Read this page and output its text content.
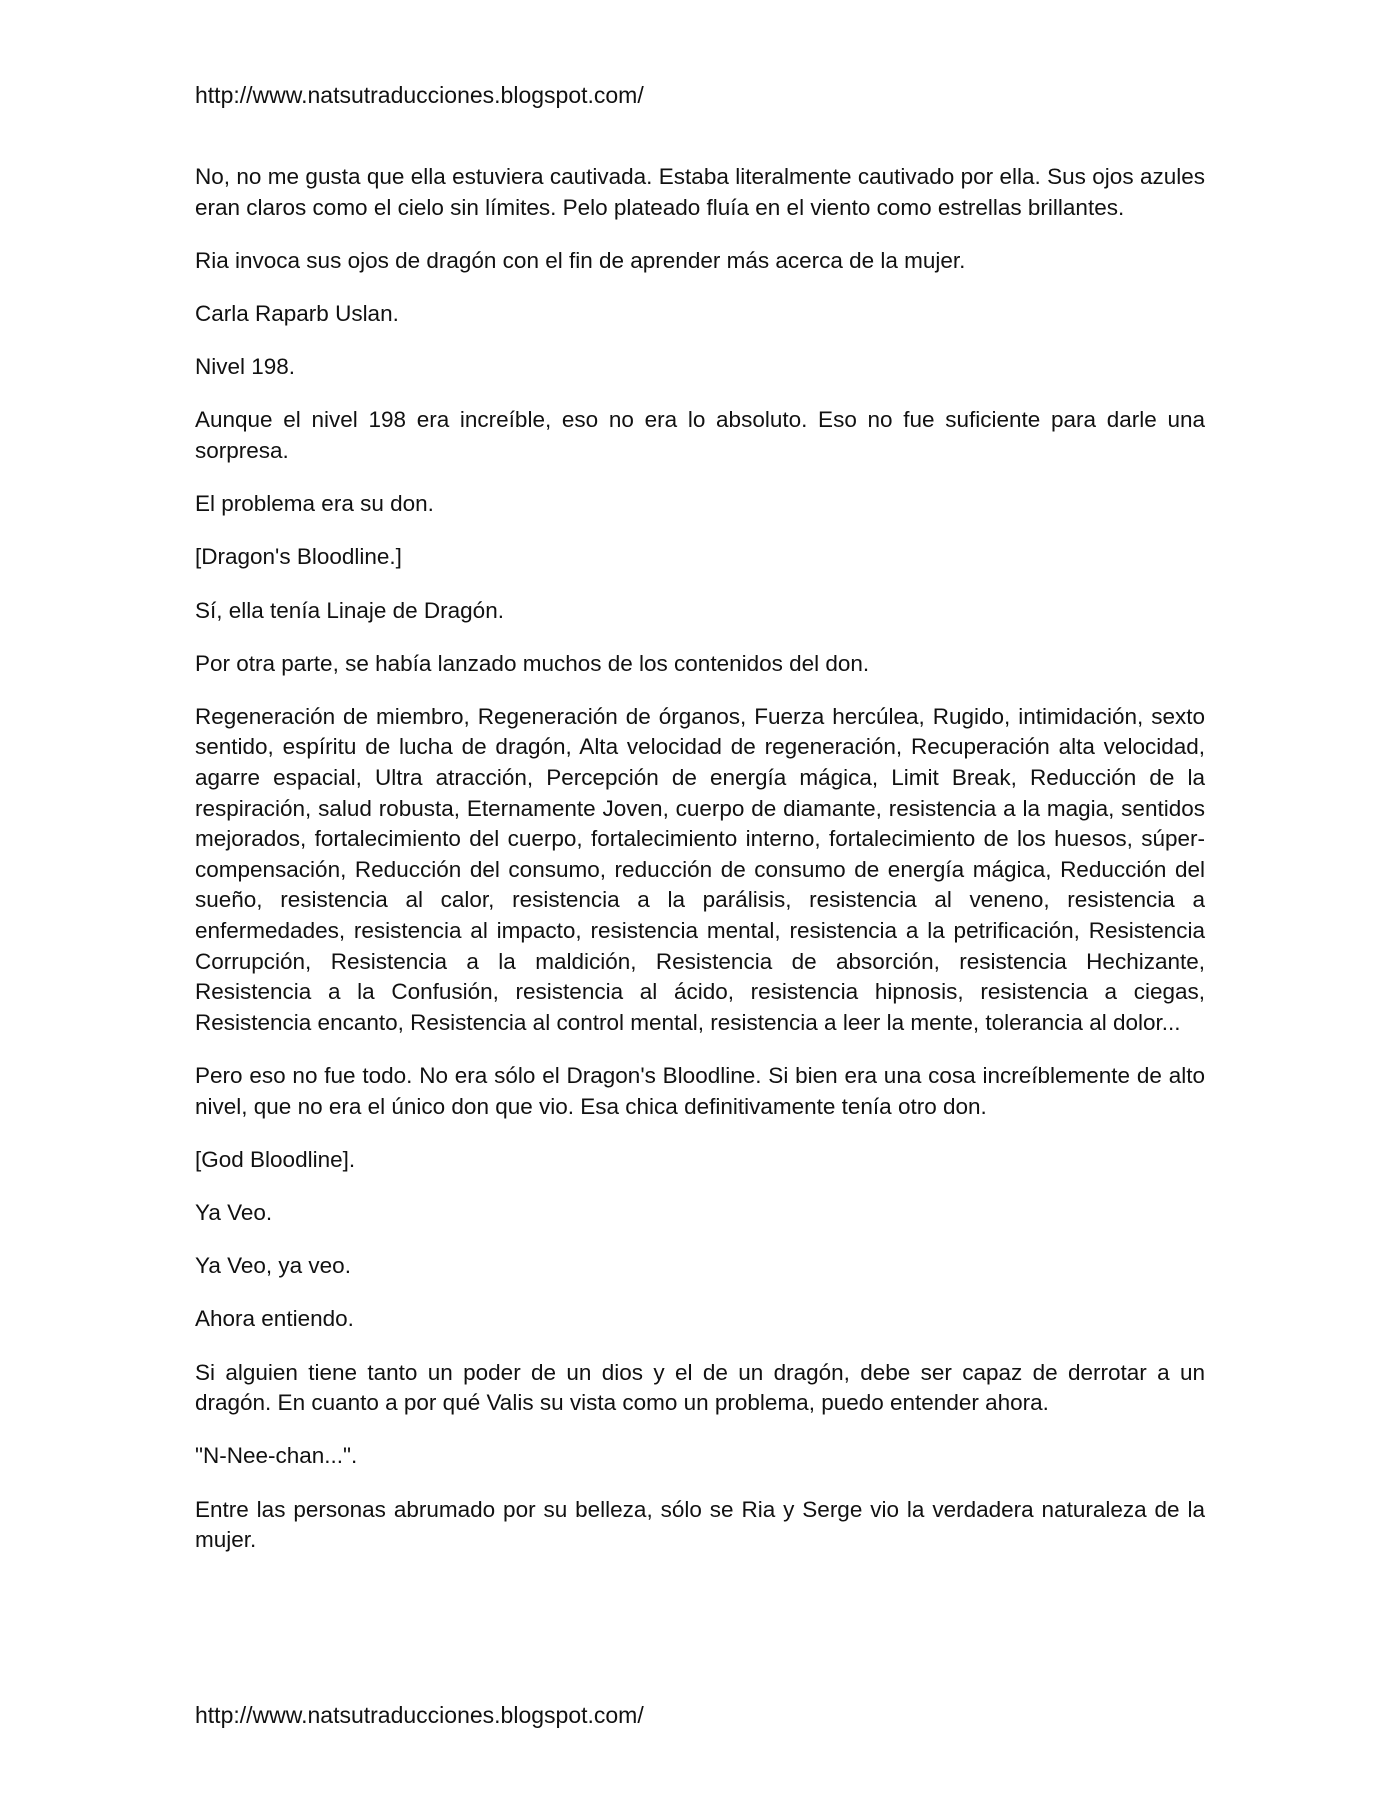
http://www.natsutraducciones.blogspot.com/

No, no me gusta que ella estuviera cautivada. Estaba literalmente cautivado por ella. Sus ojos azules eran claros como el cielo sin límites. Pelo plateado fluía en el viento como estrellas brillantes.

Ria invoca sus ojos de dragón con el fin de aprender más acerca de la mujer.

Carla Raparb Uslan.

Nivel 198.

Aunque el nivel 198 era increíble, eso no era lo absoluto. Eso no fue suficiente para darle una sorpresa.

El problema era su don.

[Dragon's Bloodline.]

Sí, ella tenía Linaje de Dragón.

Por otra parte, se había lanzado muchos de los contenidos del don.

Regeneración de miembro, Regeneración de órganos, Fuerza hercúlea, Rugido, intimidación, sexto sentido, espíritu de lucha de dragón, Alta velocidad de regeneración, Recuperación alta velocidad, agarre espacial, Ultra atracción, Percepción de energía mágica, Limit Break, Reducción de la respiración, salud robusta, Eternamente Joven, cuerpo de diamante, resistencia a la magia, sentidos mejorados, fortalecimiento del cuerpo, fortalecimiento interno, fortalecimiento de los huesos, súper-compensación, Reducción del consumo, reducción de consumo de energía mágica, Reducción del sueño, resistencia al calor, resistencia a la parálisis, resistencia al veneno, resistencia a enfermedades, resistencia al impacto, resistencia mental, resistencia a la petrificación, Resistencia Corrupción, Resistencia a la maldición, Resistencia de absorción, resistencia Hechizante, Resistencia a la Confusión, resistencia al ácido, resistencia hipnosis, resistencia a ciegas, Resistencia encanto, Resistencia al control mental, resistencia a leer la mente, tolerancia al dolor...

Pero eso no fue todo. No era sólo el Dragon's Bloodline. Si bien era una cosa increíblemente de alto nivel, que no era el único don que vio. Esa chica definitivamente tenía otro don.

[God Bloodline].

Ya Veo.

Ya Veo, ya veo.

Ahora entiendo.

Si alguien tiene tanto un poder de un dios y el de un dragón, debe ser capaz de derrotar a un dragón. En cuanto a por qué Valis su vista como un problema, puedo entender ahora.

"N-Nee-chan...".

Entre las personas abrumado por su belleza, sólo se Ria y Serge vio la verdadera naturaleza de la mujer.

http://www.natsutraducciones.blogspot.com/
